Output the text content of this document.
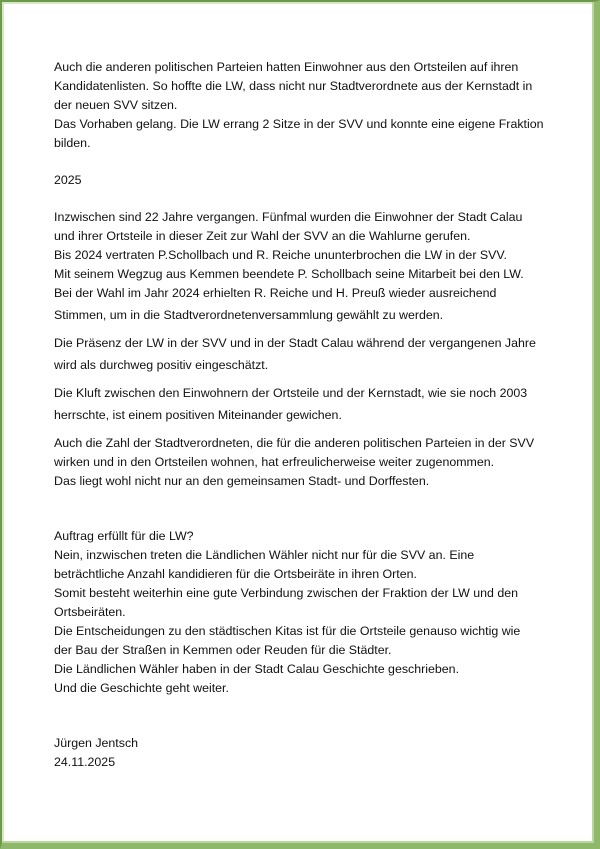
Auch die anderen politischen Parteien hatten Einwohner aus den Ortsteilen auf ihren
Kandidatenlisten. So hoffte die LW, dass nicht nur Stadtverordnete aus der Kernstadt in
der neuen SVV sitzen.
Das Vorhaben gelang. Die LW errang 2 Sitze in der SVV und konnte eine eigene Fraktion
bilden.
2025
Inzwischen sind 22 Jahre vergangen. Fünfmal wurden die Einwohner der Stadt Calau
und ihrer Ortsteile in dieser Zeit zur Wahl der SVV an die Wahlurne gerufen.
Bis 2024 vertraten P.Schollbach und R. Reiche ununterbrochen die LW in der SVV.
Mit seinem Wegzug aus Kemmen beendete P. Schollbach seine Mitarbeit bei den LW.
Bei der Wahl im Jahr 2024 erhielten R. Reiche und H. Preuß wieder ausreichend
Stimmen, um in die Stadtverordnetenversammlung gewählt zu werden.
Die Präsenz der LW in der SVV und in der Stadt Calau während der vergangenen Jahre
wird als durchweg positiv eingeschätzt.
Die Kluft zwischen den Einwohnern der Ortsteile und der Kernstadt, wie sie noch 2003
herrschte, ist einem positiven Miteinander gewichen.
Auch die Zahl der Stadtverordneten, die für die anderen politischen Parteien in der SVV
wirken und in den Ortsteilen wohnen, hat erfreulicherweise weiter zugenommen.
Das liegt wohl nicht nur an den gemeinsamen Stadt- und Dorffesten.
Auftrag erfüllt für die LW?
Nein, inzwischen treten die Ländlichen Wähler nicht nur für die SVV an. Eine
beträchtliche Anzahl kandidieren für die Ortsbeiräte in ihren Orten.
Somit besteht weiterhin eine gute Verbindung zwischen der Fraktion der LW und den
Ortsbeiräten.
Die Entscheidungen zu den städtischen Kitas ist für die Ortsteile genauso wichtig wie
der Bau der Straßen in Kemmen oder Reuden für die Städter.
Die Ländlichen Wähler haben in der Stadt Calau Geschichte geschrieben.
Und die Geschichte geht weiter.
Jürgen Jentsch
24.11.2025
